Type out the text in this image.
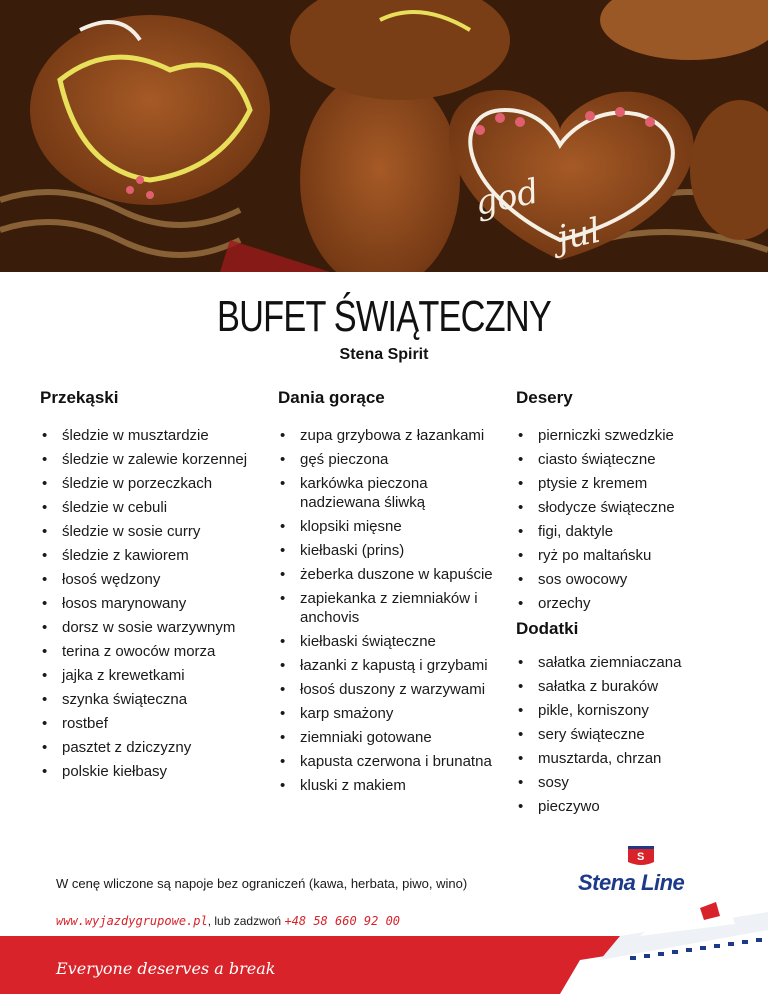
god
jul
BUFET ŚWIĄTECZNY
Stena Spirit
Przekąski
• śledzie w musztardzie
• śledzie w zalewie korzennej
• śledzie w porzeczkach
• śledzie w cebuli
• śledzie w sosie curry
• śledzie z kawiorem
• łosoś wędzony
• łosos marynowany
• dorsz w sosie warzywnym
• terina z owoców morza
• jajka z krewetkami
• szynka świąteczna
• rostbef
• pasztet z dziczyzny
• polskie kiełbasy
Dania gorące
• zupa grzybowa z łazankami
• gęś pieczona
• karkówka pieczona nadziewana śliwką
• klopsiki mięsne
• kiełbaski (prins)
• żeberka duszone w kapuście
• zapiekanka z ziemniaków i anchovis
• kiełbaski świąteczne
• łazanki z kapustą i grzybami
• łosoś duszony z warzywami
• karp smażony
• ziemniaki gotowane
• kapusta czerwona i brunatna
• kluski z makiem
Desery
• pierniczki szwedzkie
• ciasto świąteczne
• ptysie z kremem
• słodycze świąteczne
• figi, daktyle
• ryż po maltańsku
• sos owocowy
• orzechy
Dodatki
• sałatka ziemniaczana
• sałatka z buraków
• pikle, korniszony
• sery świąteczne
• musztarda, chrzan
• sosy
• pieczywo
W cenę wliczone są napoje bez ograniczeń (kawa, herbata, piwo, wino)
S
Stena Line
www.wyjazdygrupowe.pl, lub zadzwoń +48 58 660 92 00
Everyone deserves a break
